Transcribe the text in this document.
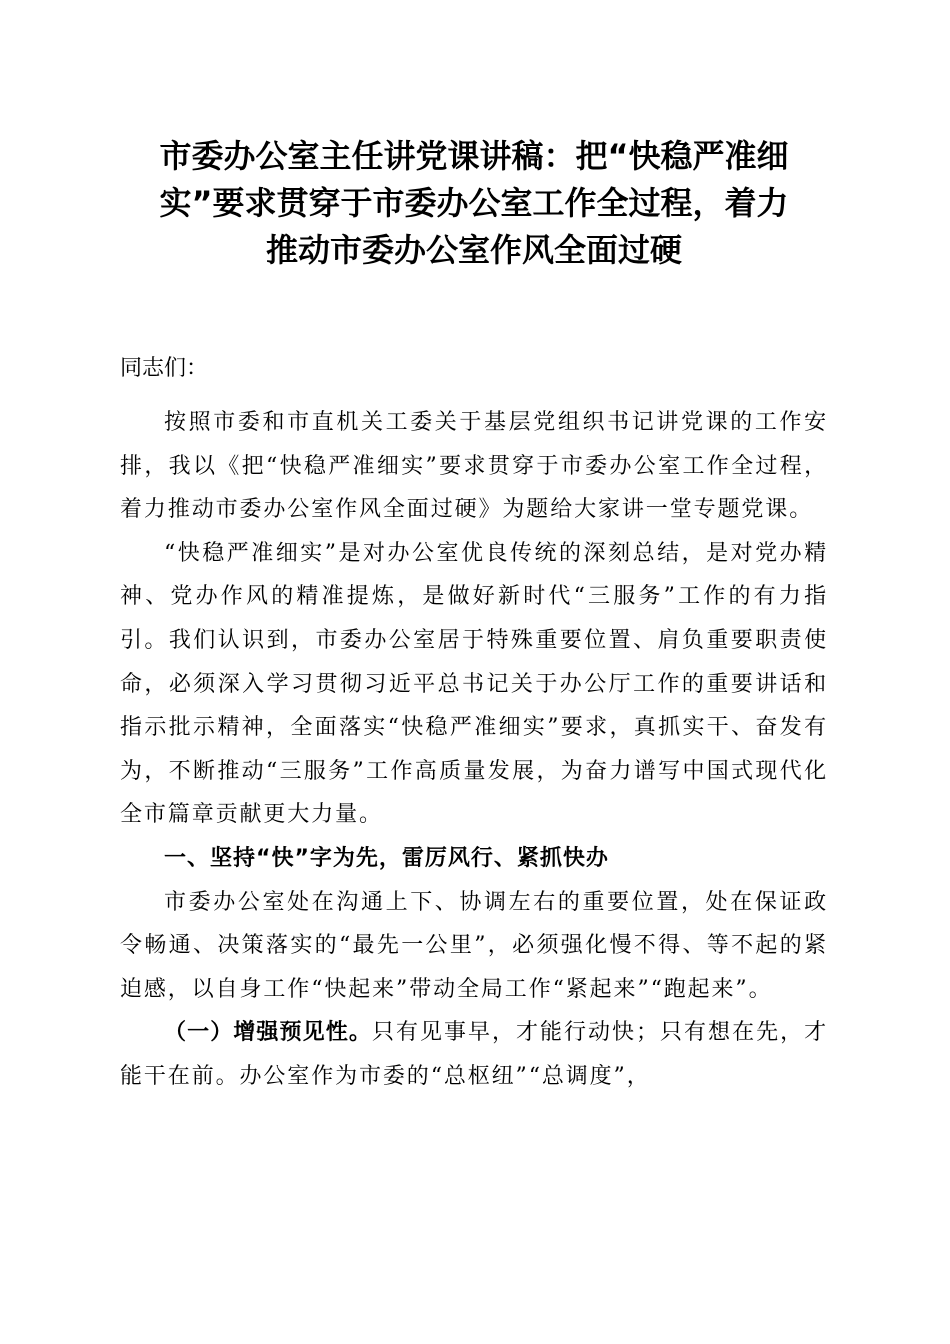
市委办公室主任讲党课讲稿：把“快稳严准细
实”要求贯穿于市委办公室工作全过程，着力
推动市委办公室作风全面过硬

同志们：

按照市委和市直机关工委关于基层党组织书记讲党课的工作安排，我以《把“快稳严准细实”要求贯穿于市委办公室工作全过程，着力推动市委办公室作风全面过硬》为题给大家讲一堂专题党课。

“快稳严准细实”是对办公室优良传统的深刻总结，是对党办精神、党办作风的精准提炼，是做好新时代“三服务”工作的有力指引。我们认识到，市委办公室居于特殊重要位置、肩负重要职责使命，必须深入学习贯彻习近平总书记关于办公厅工作的重要讲话和指示批示精神，全面落实“快稳严准细实”要求，真抓实干、奋发有为，不断推动“三服务”工作高质量发展，为奋力谱写中国式现代化全市篇章贡献更大力量。

一、坚持“快”字为先，雷厉风行、紧抓快办

市委办公室处在沟通上下、协调左右的重要位置，处在保证政令畅通、决策落实的“最先一公里”，必须强化慢不得、等不起的紧迫感，以自身工作“快起来”带动全局工作“紧起来”“跑起来”。

（一）增强预见性。只有见事早，才能行动快；只有想在先，才能干在前。办公室作为市委的“总枢纽”“总调度”，
